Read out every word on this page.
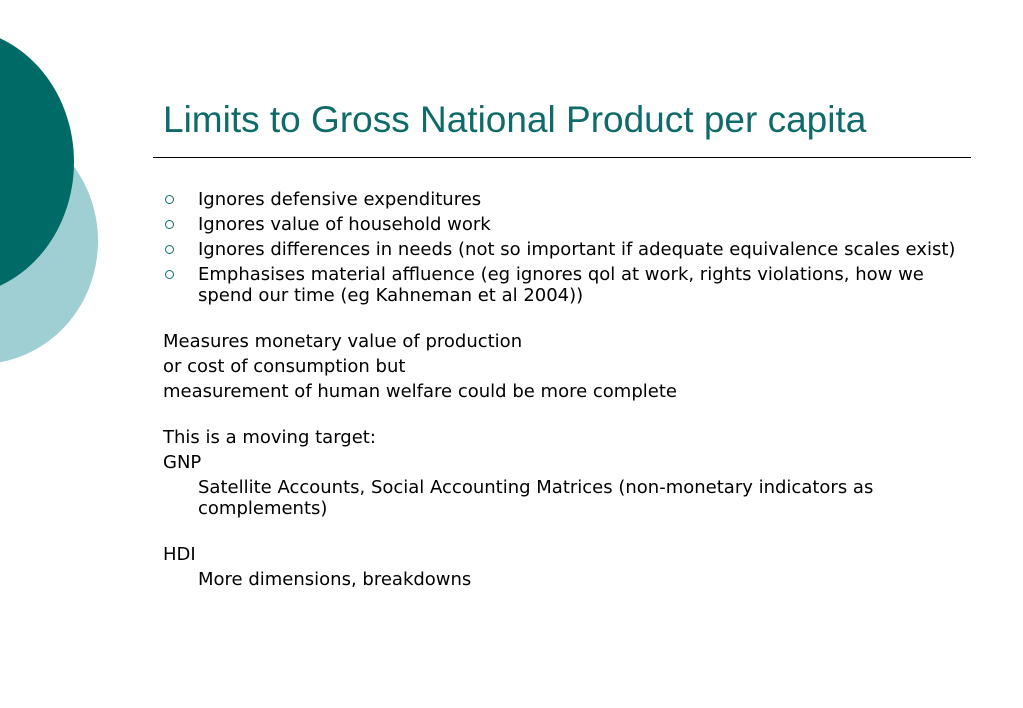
Limits to Gross National Product per capita
Ignores defensive expenditures
Ignores value of household work
Ignores differences in needs (not so important if adequate equivalence scales exist)
Emphasises material affluence (eg ignores qol at work, rights violations, how we spend our time (eg Kahneman et al 2004))

Measures monetary value of production

or cost of consumption but

measurement of human welfare could be more complete

This is a moving target:

GNP

Satellite Accounts, Social Accounting Matrices (non-monetary indicators as complements)

HDI

More dimensions, breakdowns
